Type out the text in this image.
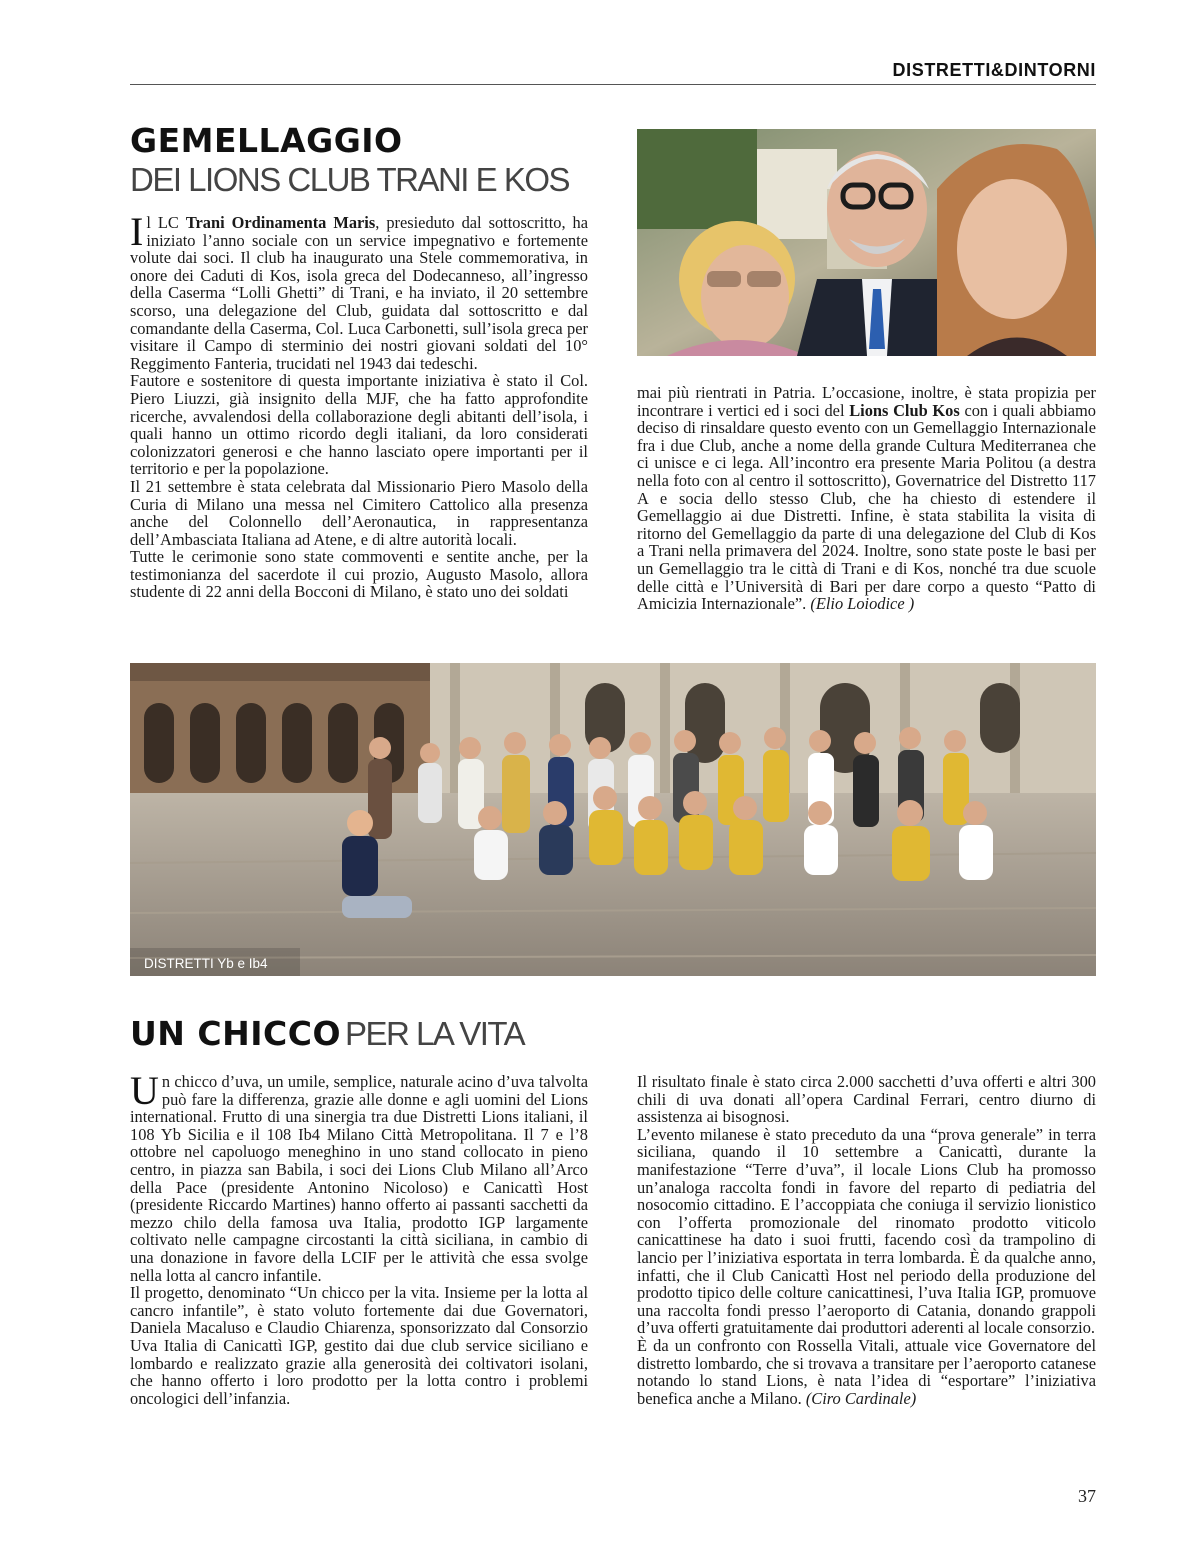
DISTRETTI&DINTORNI
GEMELLAGGIO
DEI LIONS CLUB TRANI E KOS
I l LC Trani Ordinamenta Maris, presieduto dal sottoscritto, ha iniziato l’anno sociale con un service impegnativo e fortemente volute dai soci. Il club ha inaugurato una Stele commemorativa, in onore dei Caduti di Kos, isola greca del Dodecanneso, all’ingresso della Caserma “Lolli Ghetti” di Trani, e ha inviato, il 20 settembre scorso, una delegazione del Club, guidata dal sottoscritto e dal comandante della Caserma, Col. Luca Carbonetti, sull’isola greca per visitare il Campo di sterminio dei nostri giovani soldati del 10° Reggimento Fanteria, trucidati nel 1943 dai tedeschi.

Fautore e sostenitore di questa importante iniziativa è stato il Col. Piero Liuzzi, già insignito della MJF, che ha fatto approfondite ricerche, avvalendosi della collaborazione degli abitanti dell’isola, i quali hanno un ottimo ricordo degli italiani, da loro considerati colonizzatori generosi e che hanno lasciato opere importanti per il territorio e per la popolazione.

Il 21 settembre è stata celebrata dal Missionario Piero Masolo della Curia di Milano una messa nel Cimitero Cattolico alla presenza anche del Colonnello dell’Aeronautica, in rappresentanza dell’Ambasciata Italiana ad Atene, e di altre autorità locali.

Tutte le cerimonie sono state commoventi e sentite anche, per la testimonianza del sacerdote il cui prozio, Augusto Masolo, allora studente di 22 anni della Bocconi di Milano, è stato uno dei soldati

mai più rientrati in Patria. L’occasione, inoltre, è stata propizia per incontrare i vertici ed i soci del Lions Club Kos con i quali abbiamo deciso di rinsaldare questo evento con un Gemellaggio Internazionale fra i due Club, anche a nome della grande Cultura Mediterranea che ci unisce e ci lega. All’incontro era presente Maria Politou (a destra nella foto con al centro il sottoscritto), Governatrice del Distretto 117 A e socia dello stesso Club, che ha chiesto di estendere il Gemellaggio ai due Distretti. Infine, è stata stabilita la visita di ritorno del Gemellaggio da parte di una delegazione del Club di Kos a Trani nella primavera del 2024. Inoltre, sono state poste le basi per un Gemellaggio tra le città di Trani e di Kos, nonché tra due scuole delle città e l’Università di Bari per dare corpo a questo “Patto di Amicizia Internazionale”. (Elio Loiodice )

DISTRETTI Yb e Ib4
UN CHICCO PER LA VITA
U n chicco d’uva, un umile, semplice, naturale acino d’uva talvolta può fare la differenza, grazie alle donne e agli uomini del Lions international. Frutto di una sinergia tra due Distretti Lions italiani, il 108 Yb Sicilia e il 108 Ib4 Milano Città Metropolitana. Il 7 e l’8 ottobre nel capoluogo meneghino in uno stand collocato in pieno centro, in piazza san Babila, i soci dei Lions Club Milano all’Arco della Pace (presidente Antonino Nicoloso) e Canicattì Host (presidente Riccardo Martines) hanno offerto ai passanti sacchetti da mezzo chilo della famosa uva Italia, prodotto IGP largamente coltivato nelle campagne circostanti la città siciliana, in cambio di una donazione in favore della LCIF per le attività che essa svolge nella lotta al cancro infantile.

Il progetto, denominato “Un chicco per la vita. Insieme per la lotta al cancro infantile”, è stato voluto fortemente dai due Governatori, Daniela Macaluso e Claudio Chiarenza, sponsorizzato dal Consorzio Uva Italia di Canicattì IGP, gestito dai due club service siciliano e lombardo e realizzato grazie alla generosità dei coltivatori isolani, che hanno offerto i loro prodotto per la lotta contro i problemi oncologici dell’infanzia.

Il risultato finale è stato circa 2.000 sacchetti d’uva offerti e altri 300 chili di uva donati all’opera Cardinal Ferrari, centro diurno di assistenza ai bisognosi.

L’evento milanese è stato preceduto da una “prova generale” in terra siciliana, quando il 10 settembre a Canicattì, durante la manifestazione “Terre d’uva”, il locale Lions Club ha promosso un’analoga raccolta fondi in favore del reparto di pediatria del nosocomio cittadino. E l’accoppiata che coniuga il servizio lionistico con l’offerta promozionale del rinomato prodotto viticolo canicattinese ha dato i suoi frutti, facendo così da trampolino di lancio per l’iniziativa esportata in terra lombarda. È da qualche anno, infatti, che il Club Canicattì Host nel periodo della produzione del prodotto tipico delle colture canicattinesi, l’uva Italia IGP, promuove una raccolta fondi presso l’aeroporto di Catania, donando grappoli d’uva offerti gratuitamente dai produttori aderenti al locale consorzio.

È da un confronto con Rossella Vitali, attuale vice Governatore del distretto lombardo, che si trovava a transitare per l’aeroporto catanese notando lo stand Lions, è nata l’idea di “esportare” l’iniziativa benefica anche a Milano. (Ciro Cardinale)

37
